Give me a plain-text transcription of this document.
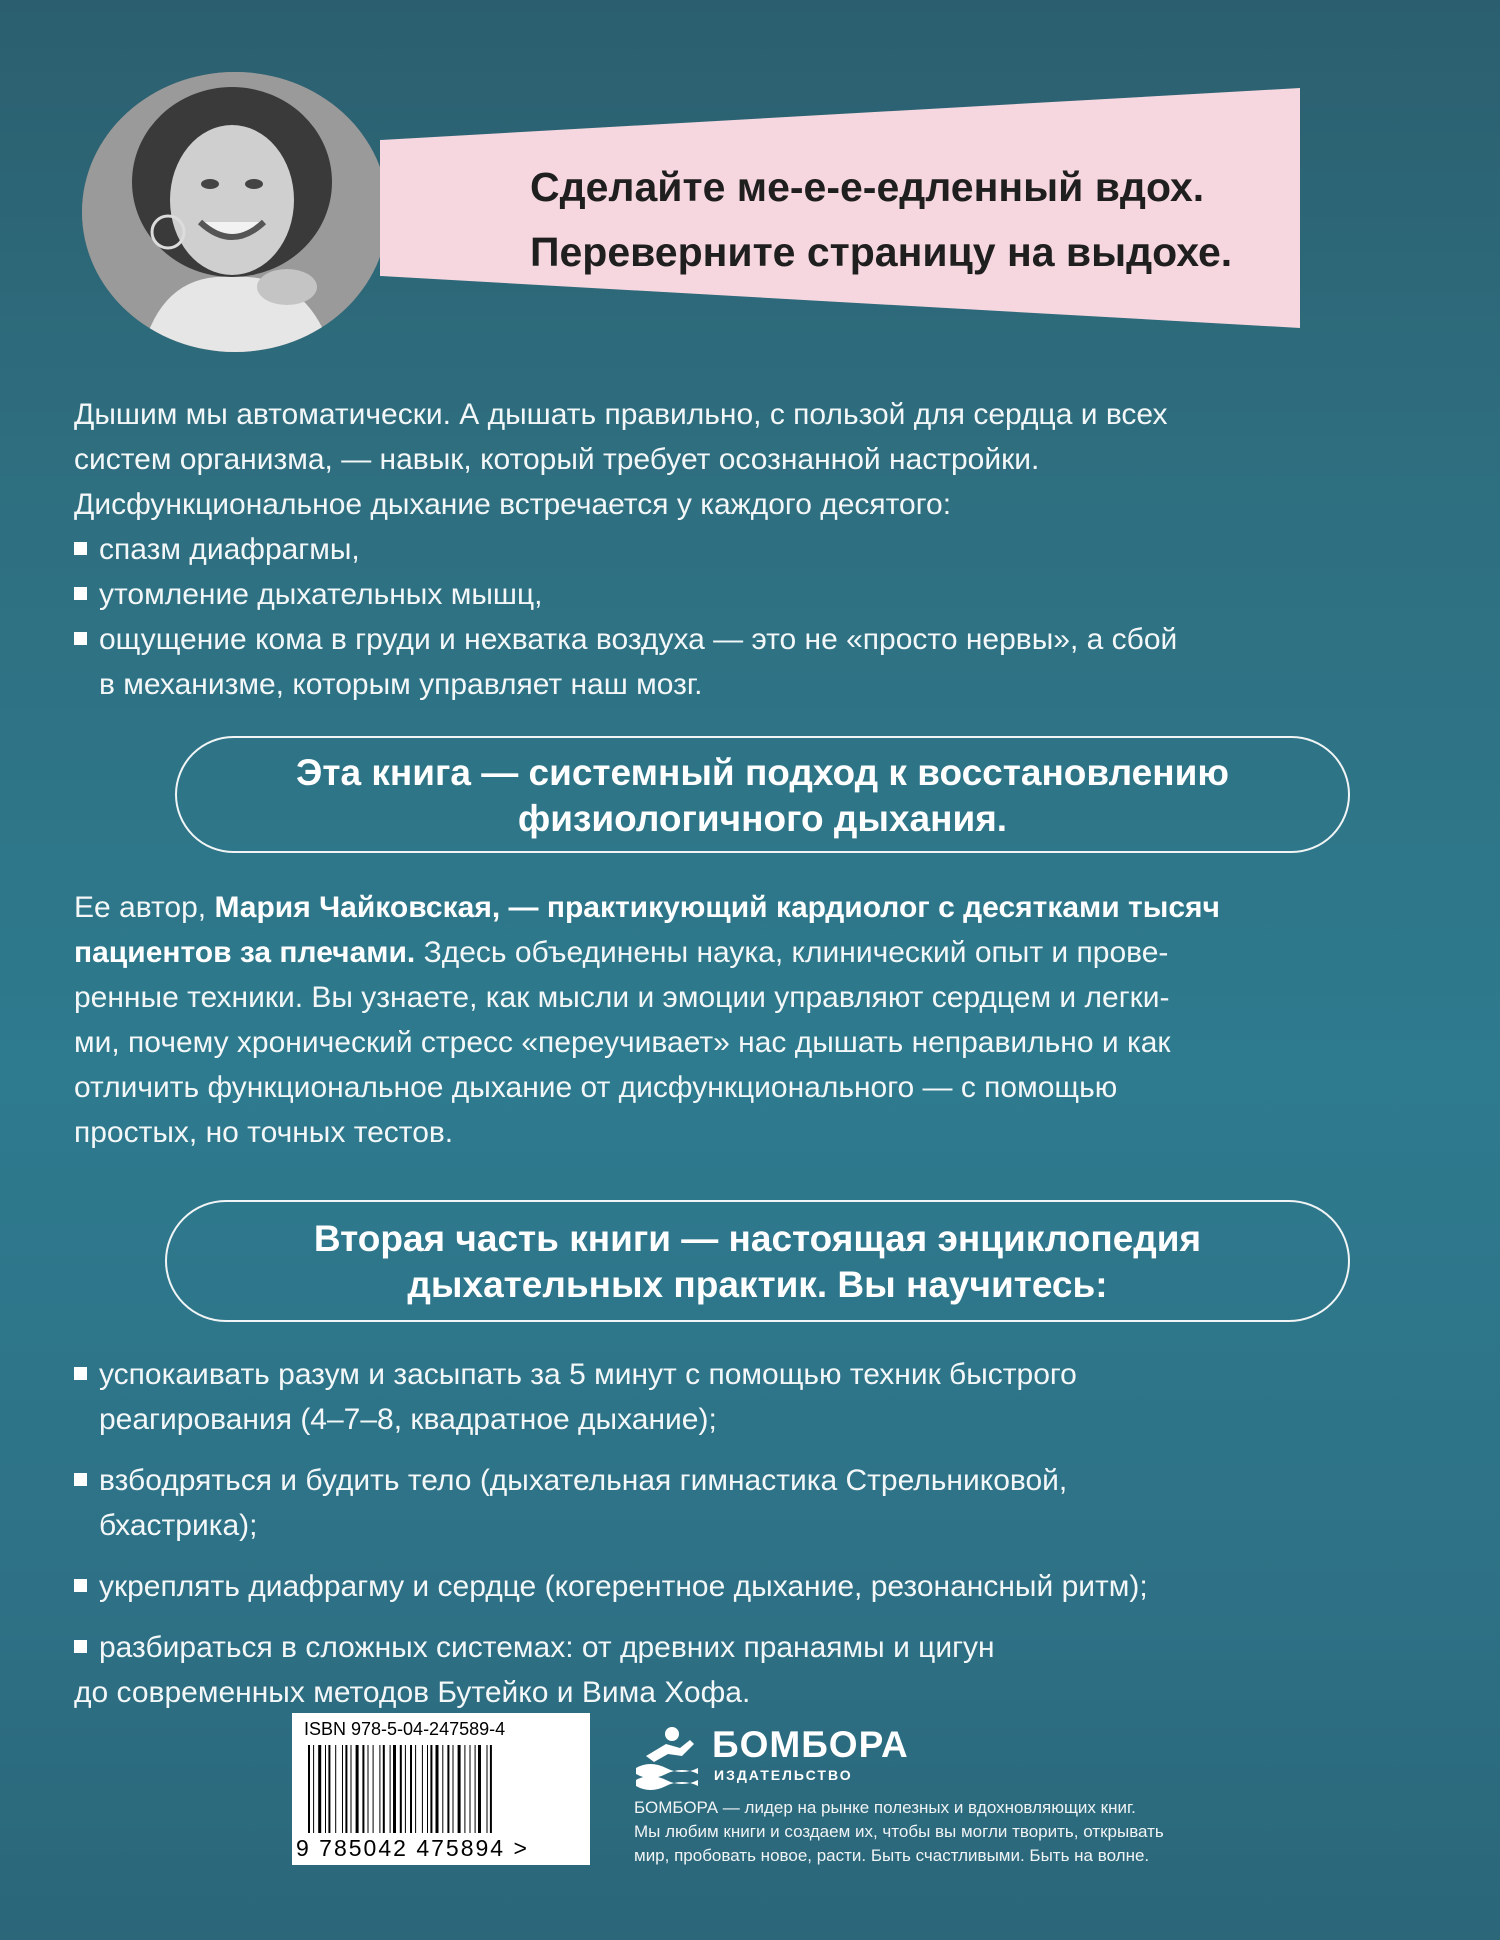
Сделайте ме-е-е-едленный вдох.
Переверните страницу на выдохе.
Дышим мы автоматически. А дышать правильно, с пользой для сердца и всех
систем организма, — навык, который требует осознанной настройки.
Дисфункциональное дыхание встречается у каждого десятого:
спазм диафрагмы,
утомление дыхательных мышц,
ощущение кома в груди и нехватка воздуха — это не «просто нервы», а сбой
в механизме, которым управляет наш мозг.
Эта книга — системный подход к восстановлению
физиологичного дыхания.
Ее автор, Мария Чайковская, — практикующий кардиолог с десятками тысяч
пациентов за плечами. Здесь объединены наука, клинический опыт и прове-
ренные техники. Вы узнаете, как мысли и эмоции управляют сердцем и легки-
ми, почему хронический стресс «переучивает» нас дышать неправильно и как
отличить функциональное дыхание от дисфункционального — с помощью
простых, но точных тестов.
Вторая часть книги — настоящая энциклопедия
дыхательных практик. Вы научитесь:
успокаивать разум и засыпать за 5 минут с помощью техник быстрого
реагирования (4–7–8, квадратное дыхание);
взбодряться и будить тело (дыхательная гимнастика Стрельниковой,
бхастрика);
укреплять диафрагму и сердце (когерентное дыхание, резонансный ритм);
разбираться в сложных системах: от древних пранаямы и цигун
до современных методов Бутейко и Вима Хофа.
ISBN 978-5-04-247589-4
9 785042 475894 >
БОМБОРА
ИЗДАТЕЛЬСТВО
БОМБОРА — лидер на рынке полезных и вдохновляющих книг.
Мы любим книги и создаем их, чтобы вы могли творить, открывать
мир, пробовать новое, расти. Быть счастливыми. Быть на волне.
